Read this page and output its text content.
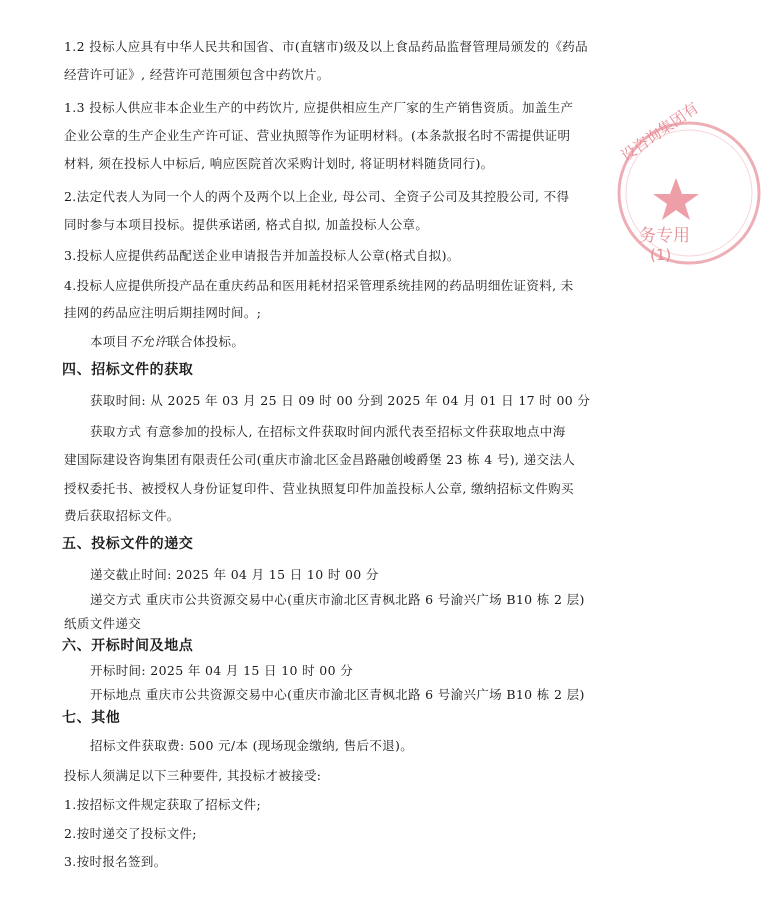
1.2 投标人应具有中华人民共和国省、市(直辖市)级及以上食品药品监督管理局颁发的《药品
经营许可证》, 经营许可范围须包含中药饮片。
1.3 投标人供应非本企业生产的中药饮片, 应提供相应生产厂家的生产销售资质。加盖生产
企业公章的生产企业生产许可证、营业执照等作为证明材料。(本条款报名时不需提供证明
材料, 须在投标人中标后, 响应医院首次采购计划时, 将证明材料随货同行)。
2.法定代表人为同一个人的两个及两个以上企业, 母公司、全资子公司及其控股公司, 不得
同时参与本项目投标。提供承诺函, 格式自拟, 加盖投标人公章。
3.投标人应提供药品配送企业申请报告并加盖投标人公章(格式自拟)。
4.投标人应提供所投产品在重庆药品和医用耗材招采管理系统挂网的药品明细佐证资料, 未
挂网的药品应注明后期挂网时间。;
本项目不允许联合体投标。
四、招标文件的获取
获取时间: 从 2025 年 03 月 25 日 09 时 00 分到 2025 年 04 月 01 日 17 时 00 分
获取方式 有意参加的投标人, 在招标文件获取时间内派代表至招标文件获取地点中海
建国际建设咨询集团有限责任公司(重庆市渝北区金昌路融创峻爵堡 23 栋 4 号), 递交法人
授权委托书、被授权人身份证复印件、营业执照复印件加盖投标人公章, 缴纳招标文件购买
费后获取招标文件。
五、投标文件的递交
递交截止时间: 2025 年 04 月 15 日 10 时 00 分
递交方式 重庆市公共资源交易中心(重庆市渝北区青枫北路 6 号渝兴广场 B10 栋 2 层)
纸质文件递交
六、开标时间及地点
开标时间: 2025 年 04 月 15 日 10 时 00 分
开标地点 重庆市公共资源交易中心(重庆市渝北区青枫北路 6 号渝兴广场 B10 栋 2 层)
七、其他
招标文件获取费: 500 元/本 (现场现金缴纳, 售后不退)。
投标人须满足以下三种要件, 其投标才被接受:
1.按招标文件规定获取了招标文件;
2.按时递交了投标文件;
3.按时报名签到。
设咨询集团有
务专用
(1)
